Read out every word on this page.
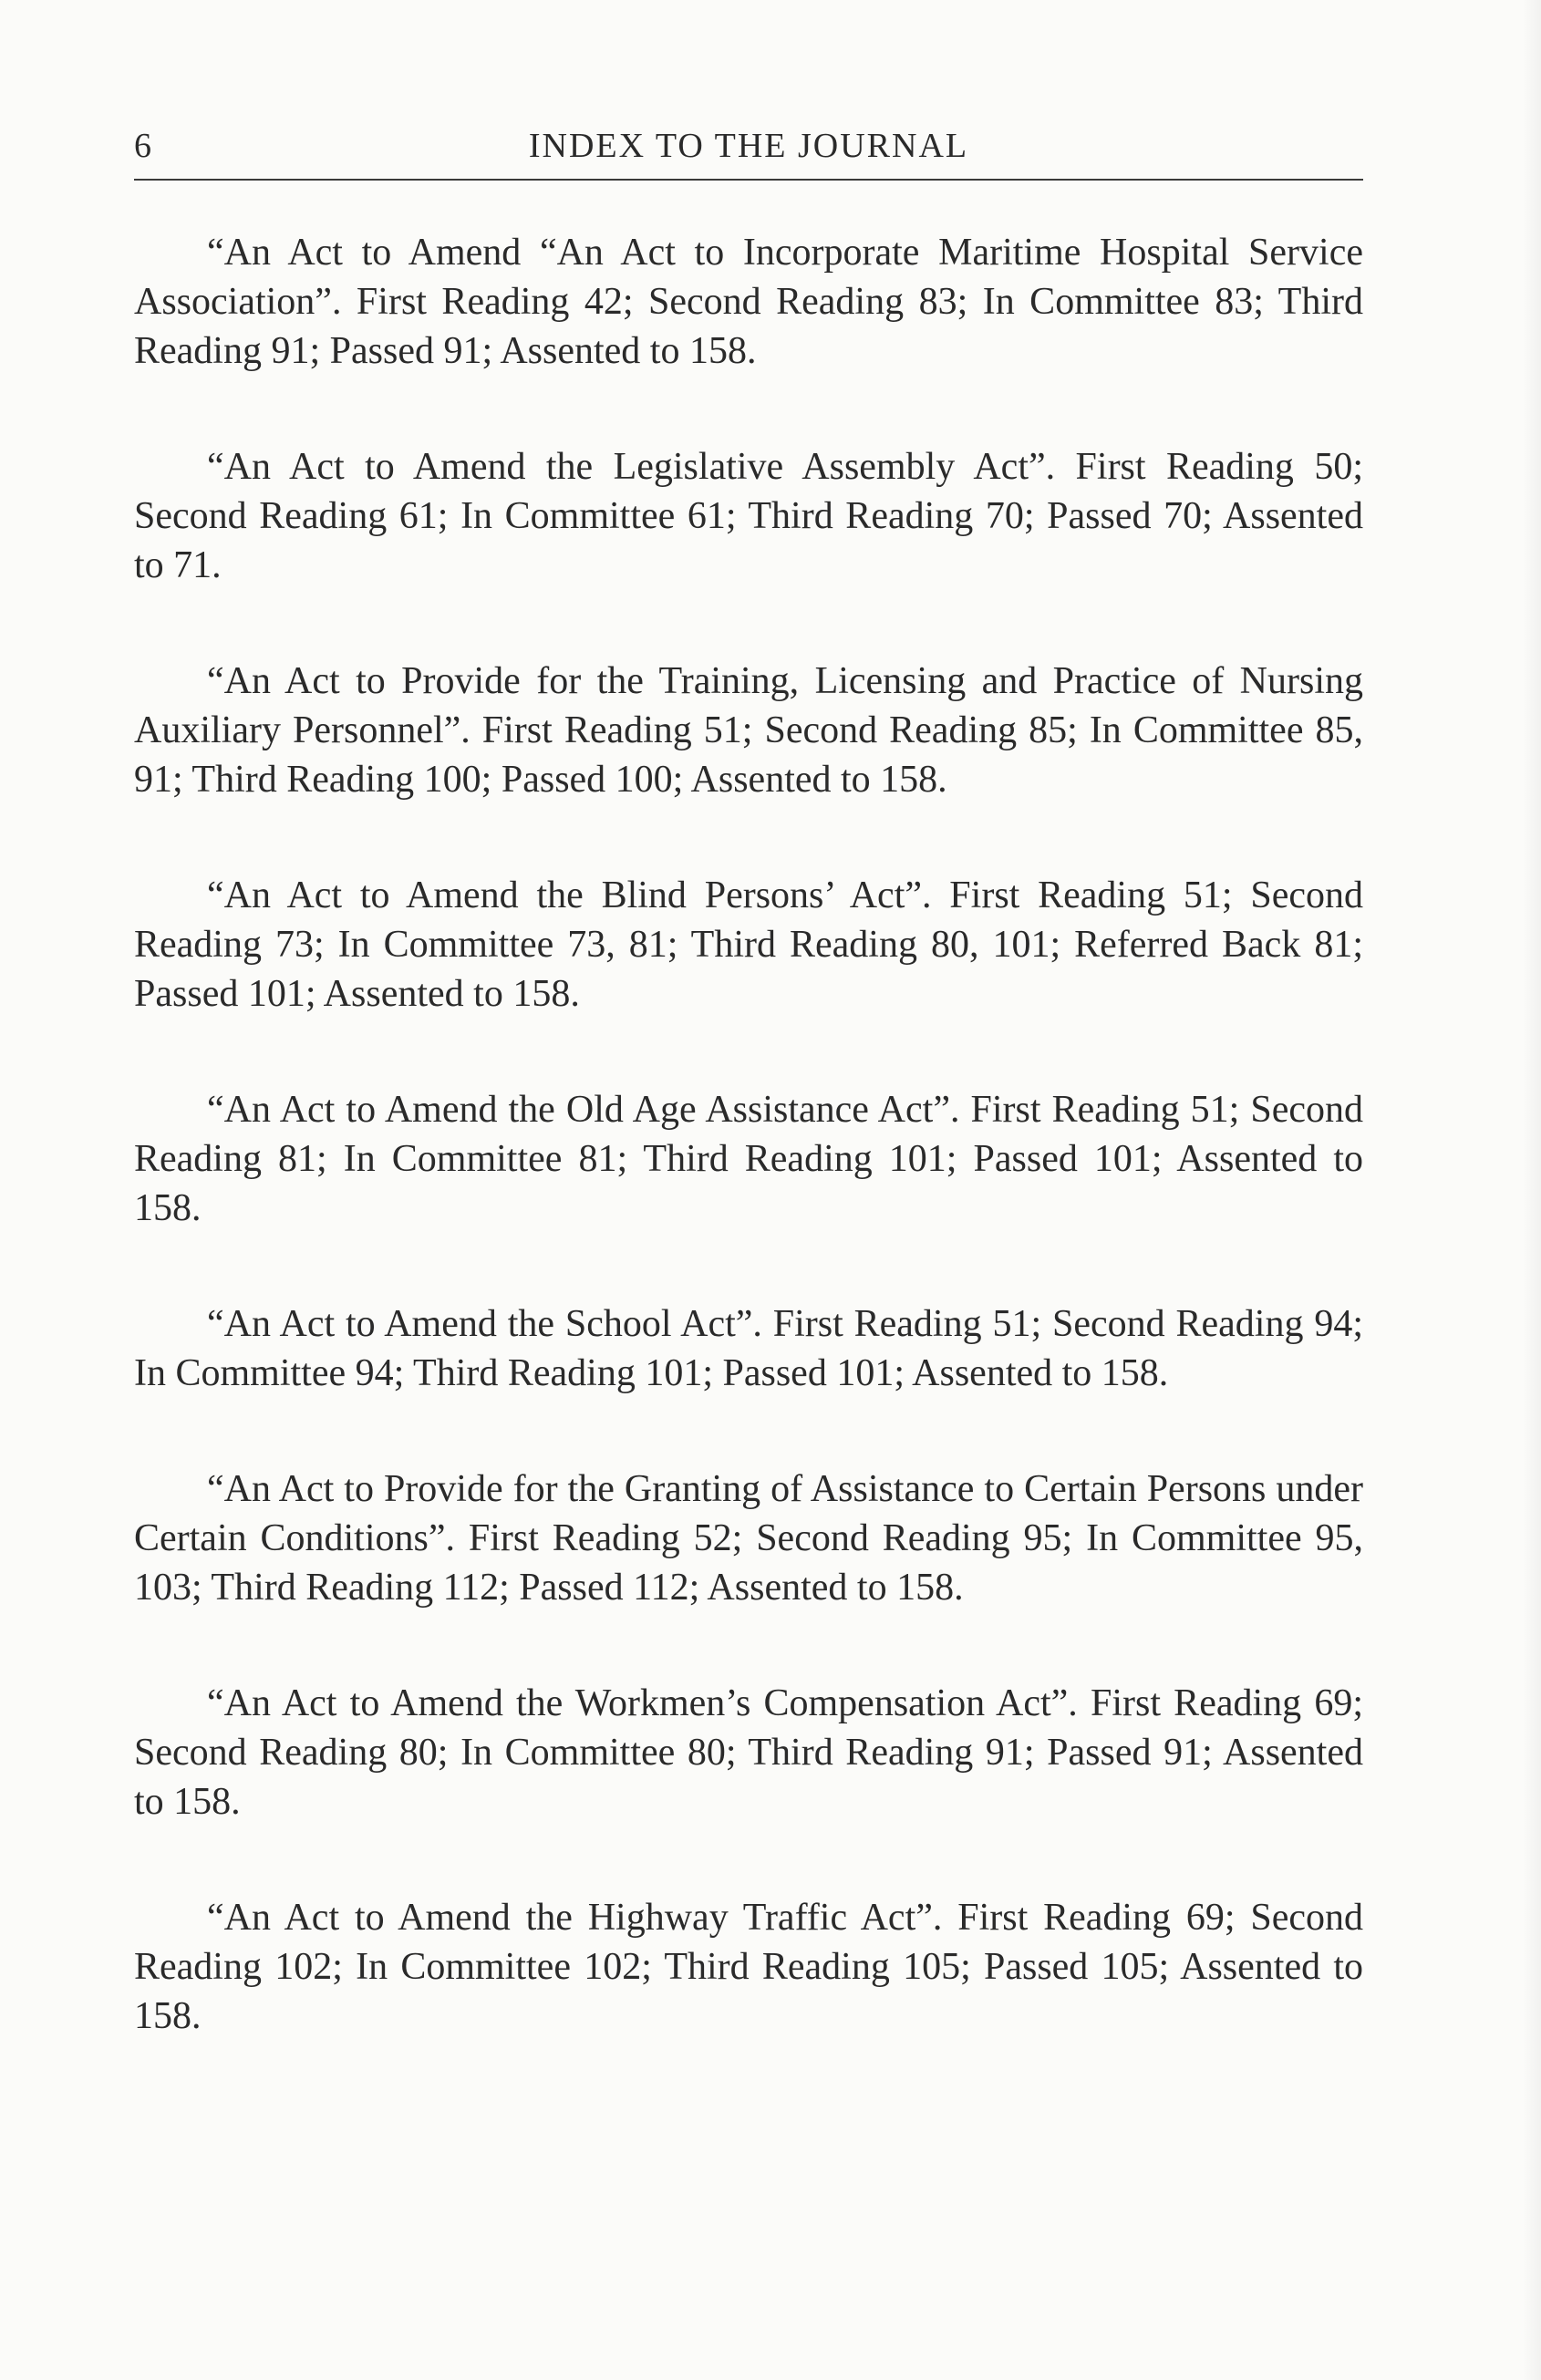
6	INDEX TO THE JOURNAL

“An Act to Amend “An Act to Incorporate Maritime Hospital Service Association”. First Reading 42; Second Reading 83; In Committee 83; Third Reading 91; Passed 91; Assented to 158.

“An Act to Amend the Legislative Assembly Act”. First Reading 50; Second Reading 61; In Committee 61; Third Reading 70; Passed 70; Assented to 71.

“An Act to Provide for the Training, Licensing and Practice of Nursing Auxiliary Personnel”. First Reading 51; Second Reading 85; In Committee 85, 91; Third Reading 100; Passed 100; Assented to 158.

“An Act to Amend the Blind Persons’ Act”. First Reading 51; Second Reading 73; In Committee 73, 81; Third Reading 80, 101; Referred Back 81; Passed 101; Assented to 158.

“An Act to Amend the Old Age Assistance Act”. First Reading 51; Second Reading 81; In Committee 81; Third Reading 101; Passed 101; Assented to 158.

“An Act to Amend the School Act”. First Reading 51; Second Reading 94; In Committee 94; Third Reading 101; Passed 101; Assented to 158.

“An Act to Provide for the Granting of Assistance to Certain Persons under Certain Conditions”. First Reading 52; Second Reading 95; In Committee 95, 103; Third Reading 112; Passed 112; Assented to 158.

“An Act to Amend the Workmen’s Compensation Act”. First Reading 69; Second Reading 80; In Committee 80; Third Reading 91; Passed 91; Assented to 158.

“An Act to Amend the Highway Traffic Act”. First Reading 69; Second Reading 102; In Committee 102; Third Reading 105; Passed 105; Assented to 158.
